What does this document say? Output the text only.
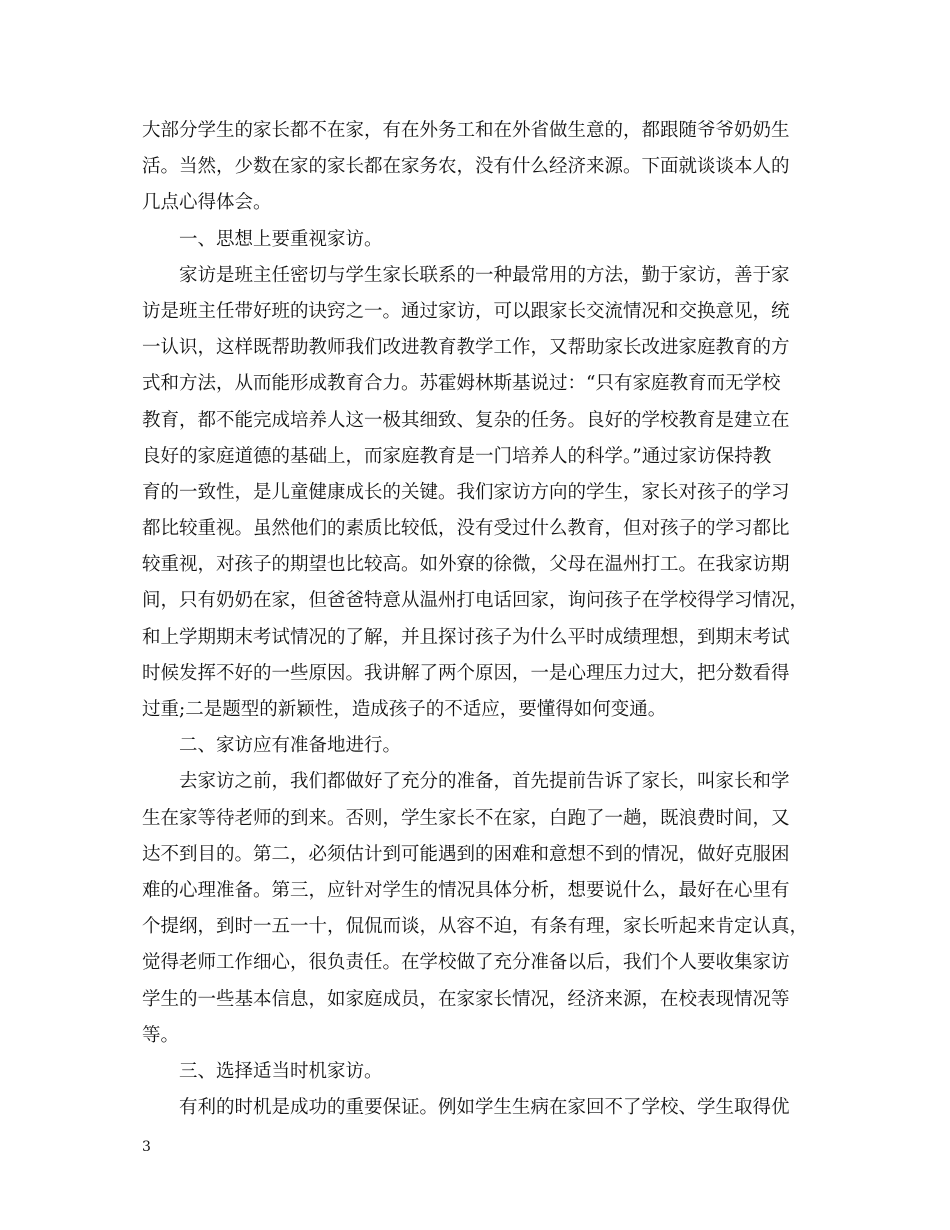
大部分学生的家长都不在家，有在外务工和在外省做生意的，都跟随爷爷奶奶生
活。当然，少数在家的家长都在家务农，没有什么经济来源。下面就谈谈本人的
几点心得体会。
一、思想上要重视家访。
家访是班主任密切与学生家长联系的一种最常用的方法，勤于家访，善于家
访是班主任带好班的诀窍之一。通过家访，可以跟家长交流情况和交换意见，统
一认识，这样既帮助教师我们改进教育教学工作，又帮助家长改进家庭教育的方
式和方法，从而能形成教育合力。苏霍姆林斯基说过：“只有家庭教育而无学校
教育，都不能完成培养人这一极其细致、复杂的任务。良好的学校教育是建立在
良好的家庭道德的基础上，而家庭教育是一门培养人的科学。”通过家访保持教
育的一致性，是儿童健康成长的关键。我们家访方向的学生，家长对孩子的学习
都比较重视。虽然他们的素质比较低，没有受过什么教育，但对孩子的学习都比
较重视，对孩子的期望也比较高。如外寮的徐微，父母在温州打工。在我家访期
间，只有奶奶在家，但爸爸特意从温州打电话回家，询问孩子在学校得学习情况，
和上学期期末考试情况的了解，并且探讨孩子为什么平时成绩理想，到期末考试
时候发挥不好的一些原因。我讲解了两个原因，一是心理压力过大，把分数看得
过重;二是题型的新颖性，造成孩子的不适应，要懂得如何变通。
二、家访应有准备地进行。
去家访之前，我们都做好了充分的准备，首先提前告诉了家长，叫家长和学
生在家等待老师的到来。否则，学生家长不在家，白跑了一趟，既浪费时间，又
达不到目的。第二，必须估计到可能遇到的困难和意想不到的情况，做好克服困
难的心理准备。第三，应针对学生的情况具体分析，想要说什么，最好在心里有
个提纲，到时一五一十，侃侃而谈，从容不迫，有条有理，家长听起来肯定认真，
觉得老师工作细心，很负责任。在学校做了充分准备以后，我们个人要收集家访
学生的一些基本信息，如家庭成员，在家家长情况，经济来源，在校表现情况等
等。
三、选择适当时机家访。
有利的时机是成功的重要保证。例如学生生病在家回不了学校、学生取得优
3
